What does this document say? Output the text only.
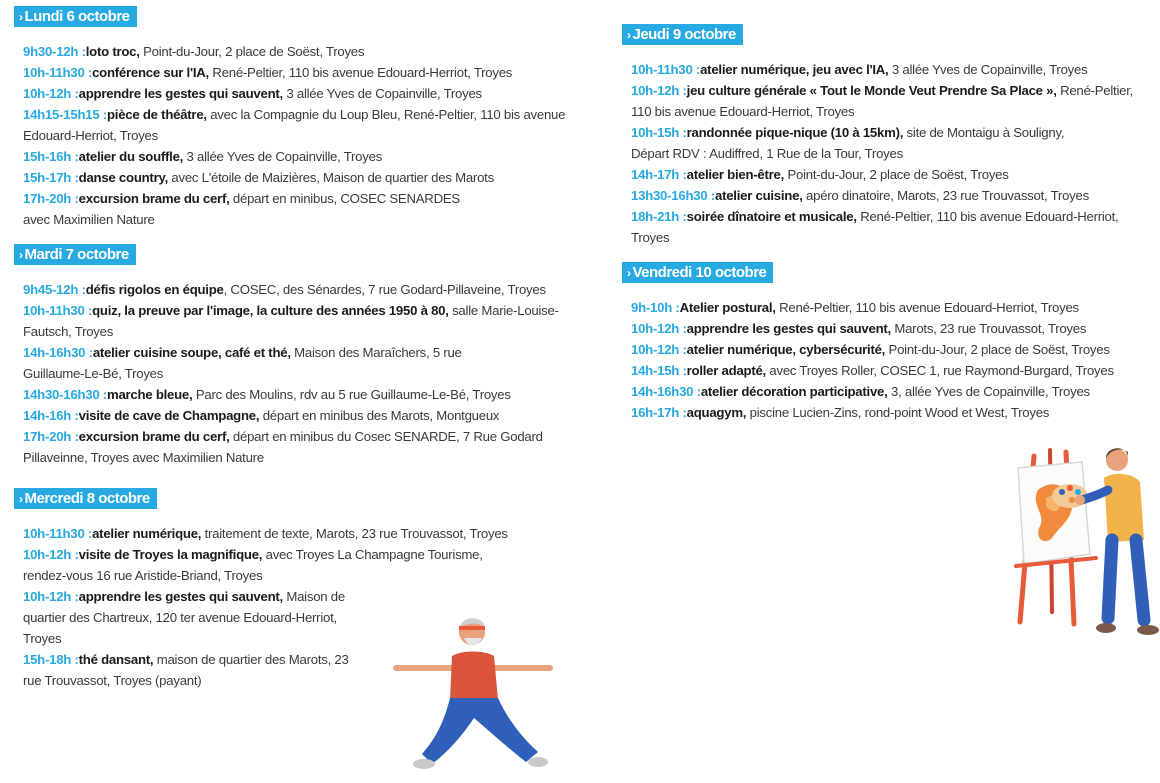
› Lundi 6 octobre
9h30-12h :loto troc, Point-du-Jour, 2 place de Soëst, Troyes
10h-11h30 :conférence sur l'IA, René-Peltier, 110 bis avenue Edouard-Herriot, Troyes
10h-12h :apprendre les gestes qui sauvent, 3 allée Yves de Copainville, Troyes
14h15-15h15 :pièce de théâtre, avec la Compagnie du Loup Bleu, René-Peltier, 110 bis avenue Edouard-Herriot, Troyes
15h-16h :atelier du souffle, 3 allée Yves de Copainville, Troyes
15h-17h :danse country, avec L'étoile de Maizières, Maison de quartier des Marots
17h-20h :excursion brame du cerf, départ en minibus, COSEC SENARDES avec Maximilien Nature
› Mardi 7 octobre
9h45-12h :défis rigolos en équipe, COSEC, des Sénardes, 7 rue Godard-Pillaveine, Troyes
10h-11h30 :quiz, la preuve par l'image, la culture des années 1950 à 80, salle Marie-Louise-Fautsch, Troyes
14h-16h30 :atelier cuisine soupe, café et thé, Maison des Maraîchers, 5 rue Guillaume-Le-Bé, Troyes
14h30-16h30 :marche bleue, Parc des Moulins, rdv au 5 rue Guillaume-Le-Bé, Troyes
14h-16h :visite de cave de Champagne, départ en minibus des Marots, Montgueux
17h-20h :excursion brame du cerf, départ en minibus du Cosec SENARDE, 7 Rue Godard Pillaveinne, Troyes avec Maximilien Nature
› Mercredi 8 octobre
10h-11h30 :atelier numérique, traitement de texte, Marots, 23 rue Trouvassot, Troyes
10h-12h :visite de Troyes la magnifique, avec Troyes La Champagne Tourisme, rendez-vous 16 rue Aristide-Briand, Troyes
10h-12h :apprendre les gestes qui sauvent, Maison de quartier des Chartreux, 120 ter avenue Edouard-Herriot, Troyes
15h-18h :thé dansant, maison de quartier des Marots, 23 rue Trouvassot, Troyes (payant)
› Jeudi 9 octobre
10h-11h30 :atelier numérique, jeu avec l'IA, 3 allée Yves de Copainville, Troyes
10h-12h :jeu culture générale « Tout le Monde Veut Prendre Sa Place », René-Peltier, 110 bis avenue Edouard-Herriot, Troyes
10h-15h :randonnée pique-nique (10 à 15km), site de Montaigu à Souligny, Départ RDV : Audiffred, 1 Rue de la Tour, Troyes
14h-17h :atelier bien-être, Point-du-Jour, 2 place de Soëst, Troyes
13h30-16h30 :atelier cuisine, apéro dinatoire, Marots, 23 rue Trouvassot, Troyes
18h-21h :soirée dînatoire et musicale, René-Peltier, 110 bis avenue Edouard-Herriot, Troyes
› Vendredi 10 octobre
9h-10h :Atelier postural, René-Peltier, 110 bis avenue Edouard-Herriot, Troyes
10h-12h :apprendre les gestes qui sauvent, Marots, 23 rue Trouvassot, Troyes
10h-12h :atelier numérique, cybersécurité, Point-du-Jour, 2 place de Soëst, Troyes
14h-15h :roller adapté, avec Troyes Roller, COSEC 1, rue Raymond-Burgard, Troyes
14h-16h30 :atelier décoration participative, 3, allée Yves de Copainville, Troyes
16h-17h :aquagym, piscine Lucien-Zins, rond-point Wood et West, Troyes
